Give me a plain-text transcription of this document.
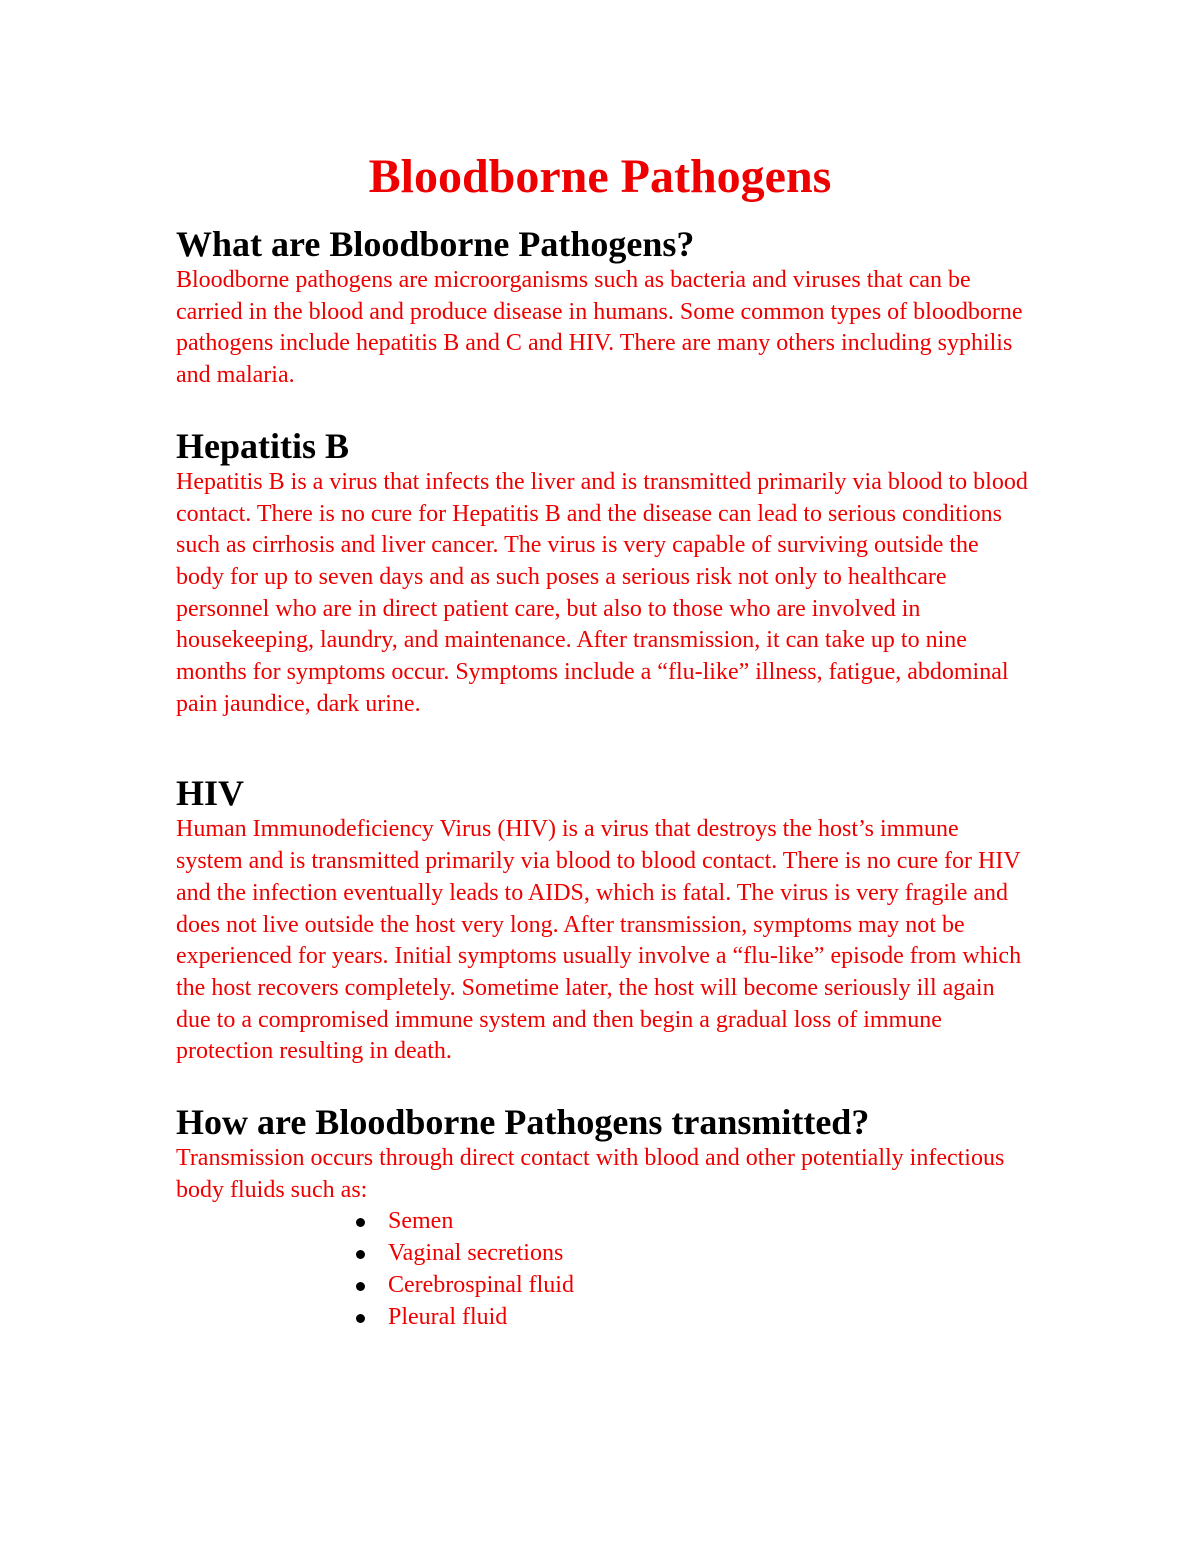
Bloodborne Pathogens
What are Bloodborne Pathogens?

Bloodborne pathogens are microorganisms such as bacteria and viruses that can be carried in the blood and produce disease in humans. Some common types of bloodborne pathogens include hepatitis B and C and HIV. There are many others including syphilis and malaria.

Hepatitis B

Hepatitis B is a virus that infects the liver and is transmitted primarily via blood to blood contact. There is no cure for Hepatitis B and the disease can lead to serious conditions such as cirrhosis and liver cancer. The virus is very capable of surviving outside the body for up to seven days and as such poses a serious risk not only to healthcare personnel who are in direct patient care, but also to those who are involved in housekeeping, laundry, and maintenance. After transmission, it can take up to nine months for symptoms occur. Symptoms include a “flu-like” illness, fatigue, abdominal pain jaundice, dark urine.

HIV

Human Immunodeficiency Virus (HIV) is a virus that destroys the host’s immune system and is transmitted primarily via blood to blood contact. There is no cure for HIV and the infection eventually leads to AIDS, which is fatal. The virus is very fragile and does not live outside the host very long. After transmission, symptoms may not be experienced for years. Initial symptoms usually involve a “flu-like” episode from which the host recovers completely. Sometime later, the host will become seriously ill again due to a compromised immune system and then begin a gradual loss of immune protection resulting in death.

How are Bloodborne Pathogens transmitted?

Transmission occurs through direct contact with blood and other potentially infectious body fluids such as:

Semen
Vaginal secretions
Cerebrospinal fluid
Pleural fluid
